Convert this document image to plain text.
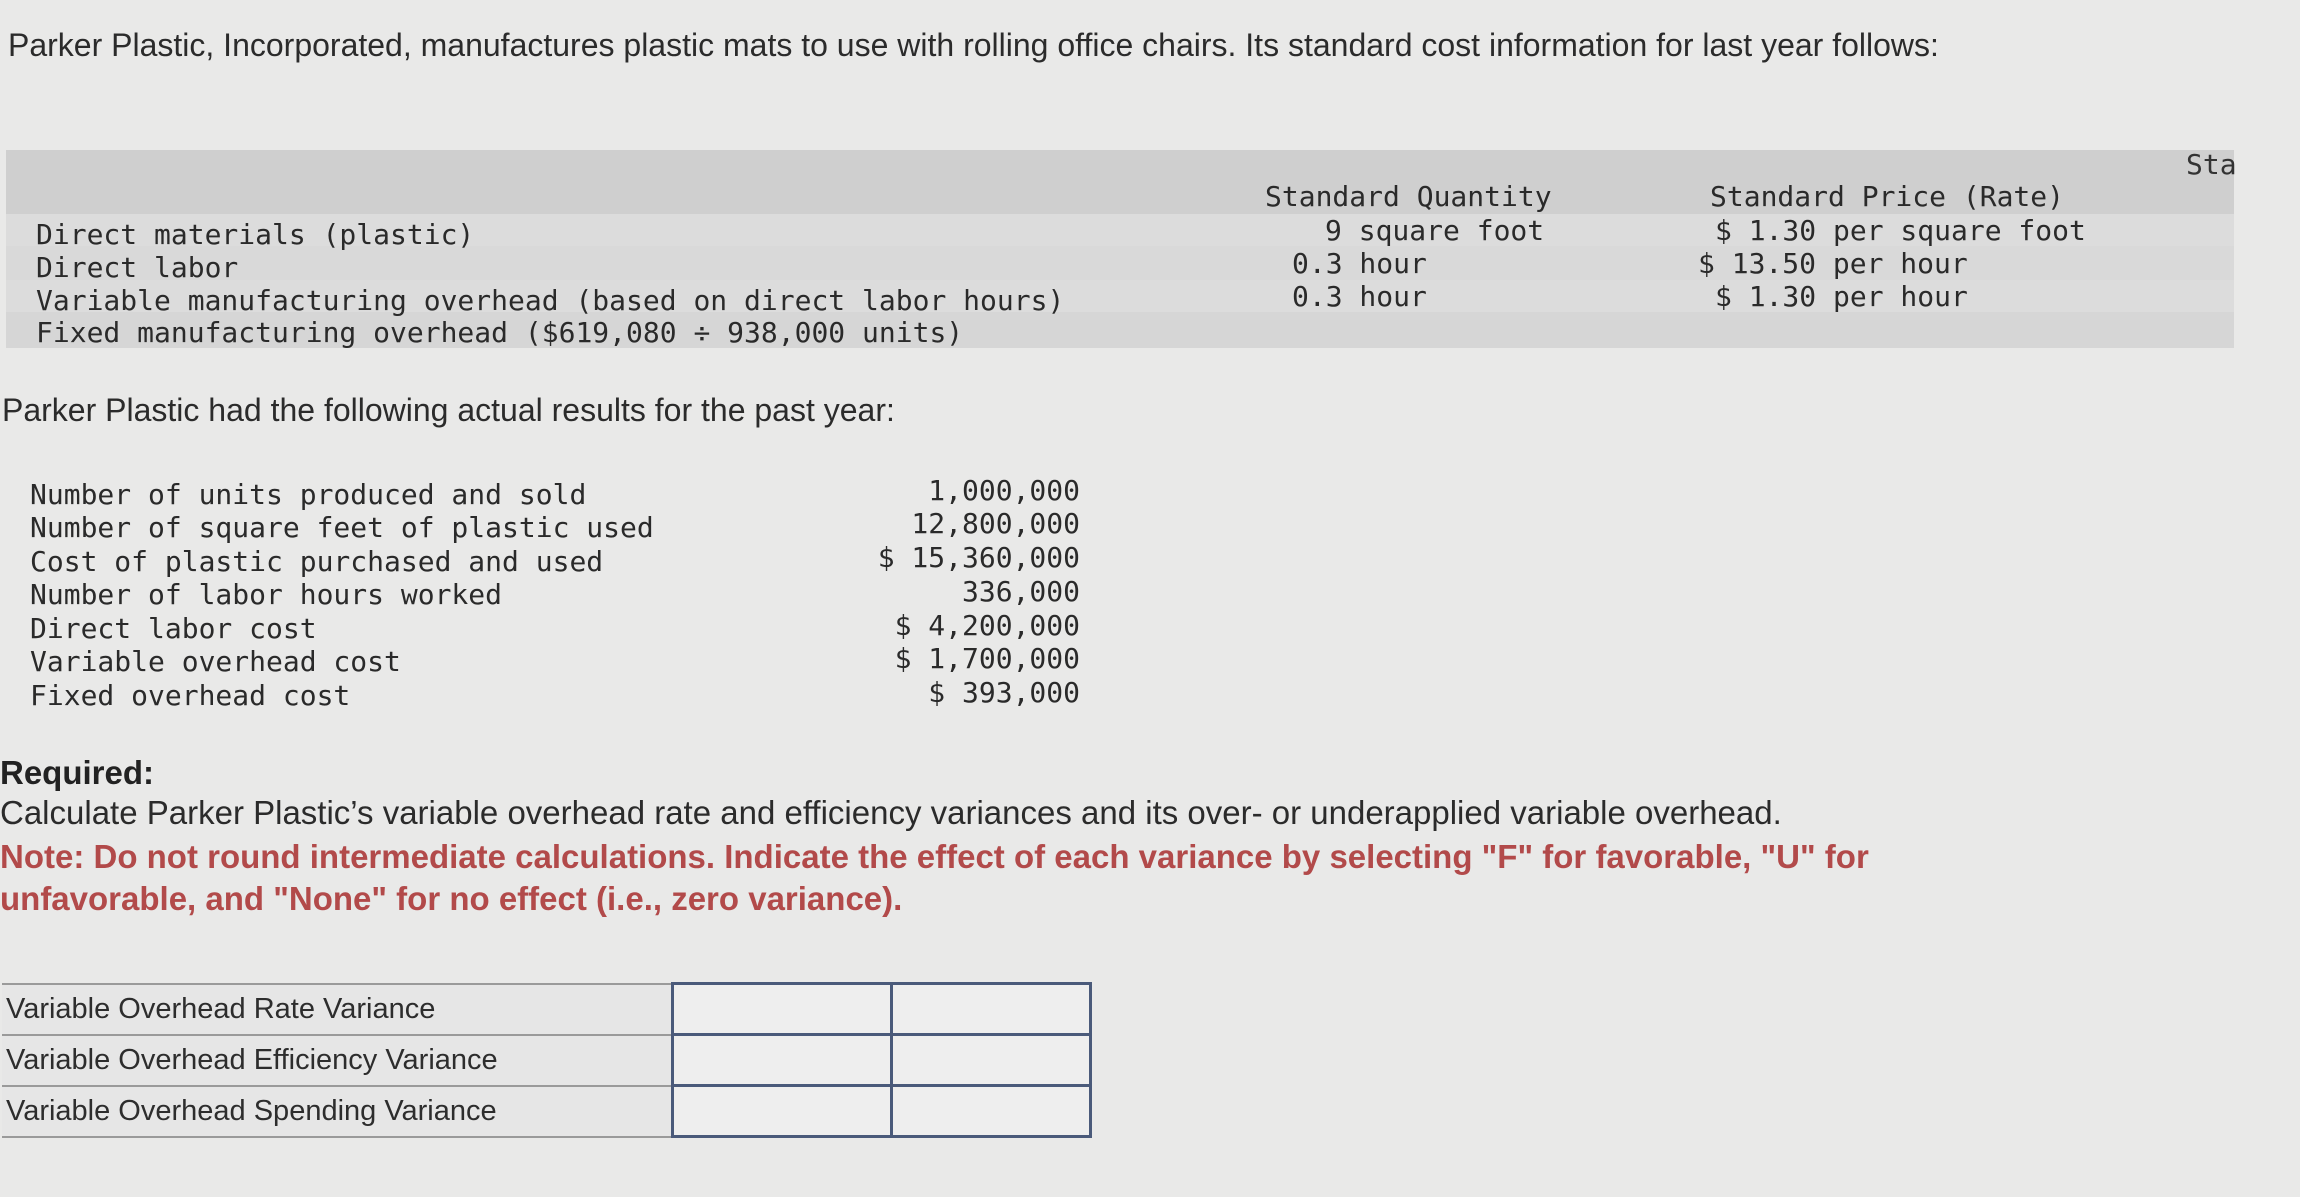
Parker Plastic, Incorporated, manufactures plastic mats to use with rolling office chairs. Its standard cost information for last year follows:
Standard Quantity	Standard Price (Rate)
Sta
Direct materials (plastic)	9 square foot	$ 1.30 per square foot
Direct labor	0.3 hour	$ 13.50 per hour
Variable manufacturing overhead (based on direct labor hours)	0.3 hour	$ 1.30 per hour
Fixed manufacturing overhead ($619,080 ÷ 938,000 units)
Parker Plastic had the following actual results for the past year:
Number of units produced and sold	1,000,000
Number of square feet of plastic used	12,800,000
Cost of plastic purchased and used	$ 15,360,000
Number of labor hours worked	336,000
Direct labor cost	$ 4,200,000
Variable overhead cost	$ 1,700,000
Fixed overhead cost	$ 393,000
Required:
Calculate Parker Plastic’s variable overhead rate and efficiency variances and its over- or underapplied variable overhead.
Note: Do not round intermediate calculations. Indicate the effect of each variance by selecting "F" for favorable, "U" for unfavorable, and "None" for no effect (i.e., zero variance).
Variable Overhead Rate Variance		
Variable Overhead Efficiency Variance		
Variable Overhead Spending Variance		
